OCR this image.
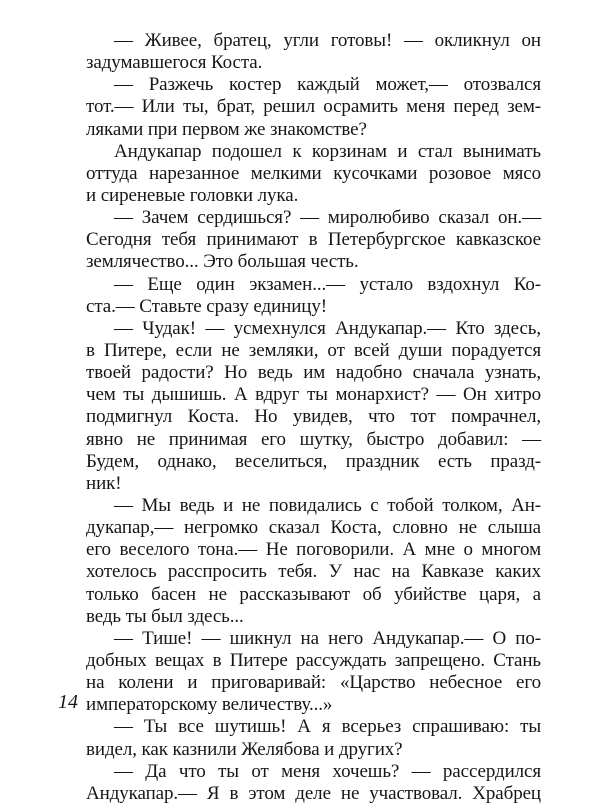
— Живее, братец, угли готовы! — окликнул он
задумавшегося Коста.
— Разжечь костер каждый может,— отозвался
тот.— Или ты, брат, решил осрамить меня перед зем-
ляками при первом же знакомстве?
Андукапар подошел к корзинам и стал вынимать
оттуда нарезанное мелкими кусочками розовое мясо
и сиреневые головки лука.
— Зачем сердишься? — миролюбиво сказал он.—
Сегодня тебя принимают в Петербургское кавказское
землячество... Это большая честь.
— Еще один экзамен...— устало вздохнул Ко-
ста.— Ставьте сразу единицу!
— Чудак! — усмехнулся Андукапар.— Кто здесь,
в Питере, если не земляки, от всей души порадуется
твоей радости? Но ведь им надобно сначала узнать,
чем ты дышишь. А вдруг ты монархист? — Он хитро
подмигнул Коста. Но увидев, что тот помрачнел,
явно не принимая его шутку, быстро добавил: —
Будем, однако, веселиться, праздник есть празд-
ник!
— Мы ведь и не повидались с тобой толком, Ан-
дукапар,— негромко сказал Коста, словно не слыша
его веселого тона.— Не поговорили. А мне о многом
хотелось расспросить тебя. У нас на Кавказе каких
только басен не рассказывают об убийстве царя, а
ведь ты был здесь...
— Тише! — шикнул на него Андукапар.— О по-
добных вещах в Питере рассуждать запрещено. Стань
на колени и приговаривай: «Царство небесное его
императорскому величеству...»
— Ты все шутишь! А я всерьез спрашиваю: ты
видел, как казнили Желябова и других?
— Да что ты от меня хочешь? — рассердился
Андукапар.— Я в этом деле не участвовал. Храбрец
14
